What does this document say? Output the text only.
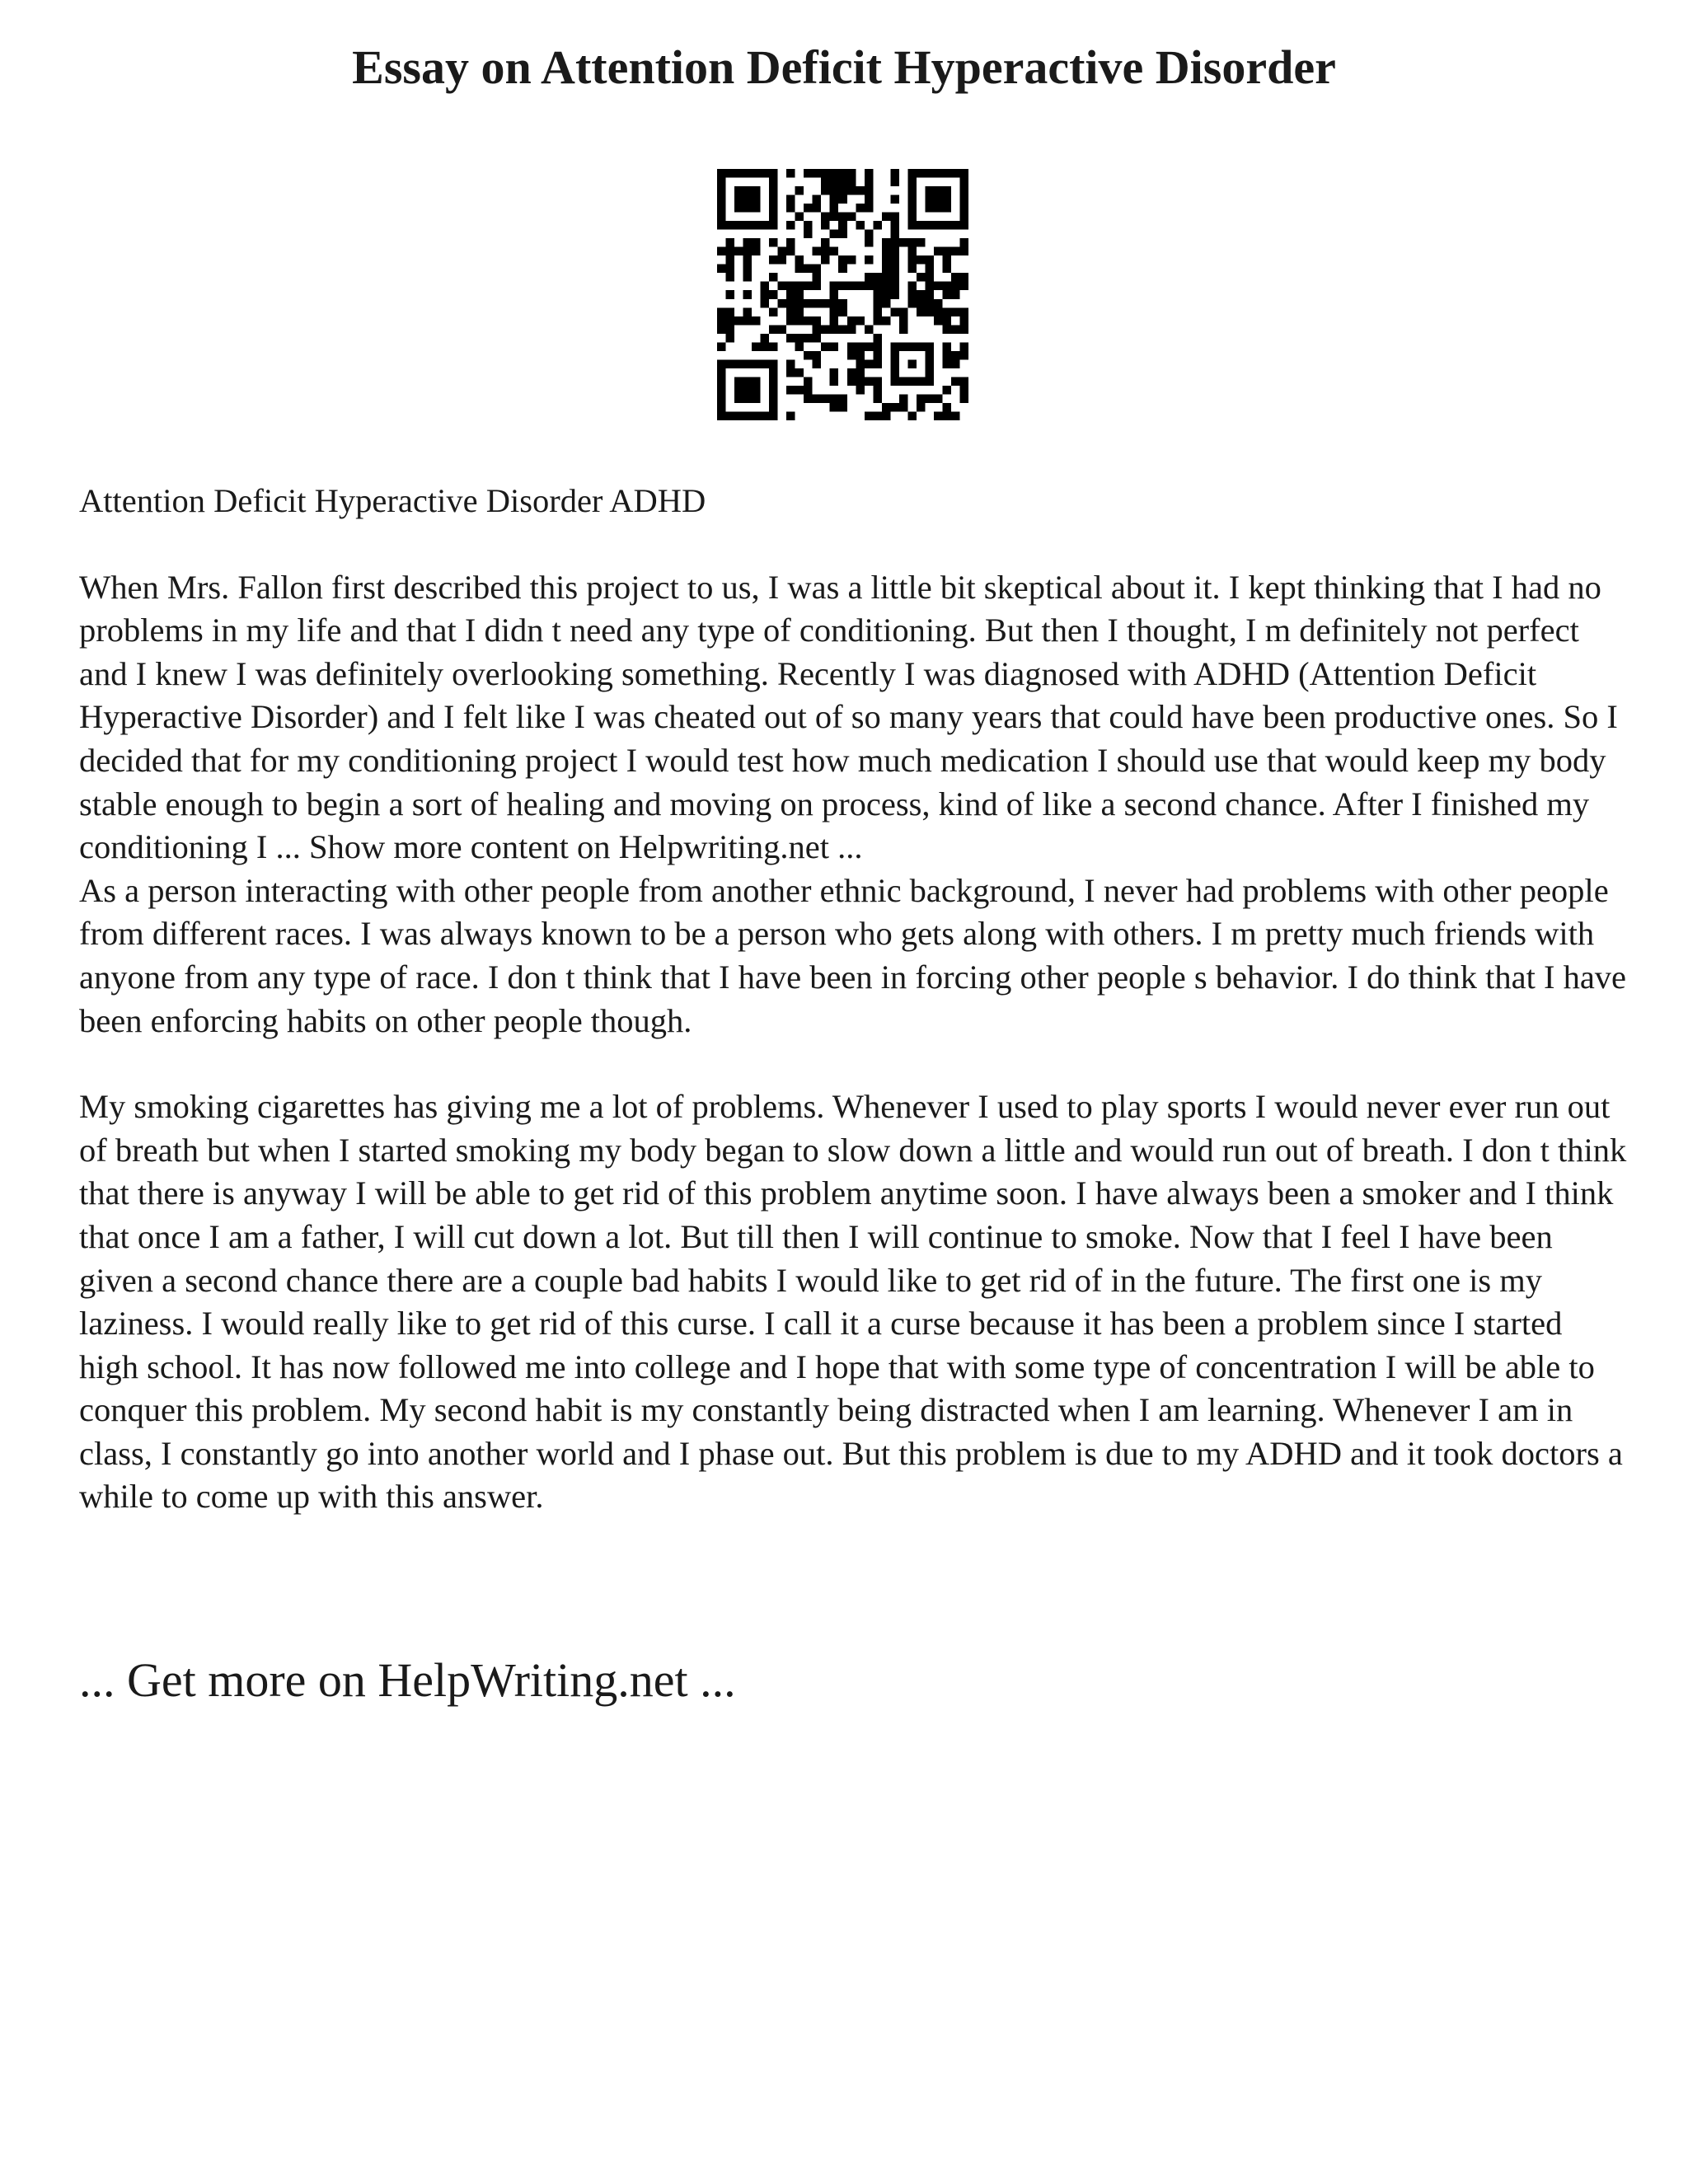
Essay on Attention Deficit Hyperactive Disorder

Attention Deficit Hyperactive Disorder ADHD

When Mrs. Fallon first described this project to us, I was a little bit skeptical about it. I kept thinking that I had no problems in my life and that I didn t need any type of conditioning. But then I thought, I m definitely not perfect and I knew I was definitely overlooking something. Recently I was diagnosed with ADHD (Attention Deficit Hyperactive Disorder) and I felt like I was cheated out of so many years that could have been productive ones. So I decided that for my conditioning project I would test how much medication I should use that would keep my body stable enough to begin a sort of healing and moving on process, kind of like a second chance. After I finished my conditioning I ... Show more content on Helpwriting.net ...

As a person interacting with other people from another ethnic background, I never had problems with other people from different races. I was always known to be a person who gets along with others. I m pretty much friends with anyone from any type of race. I don t think that I have been in forcing other people s behavior. I do think that I have been enforcing habits on other people though.

My smoking cigarettes has giving me a lot of problems. Whenever I used to play sports I would never ever run out of breath but when I started smoking my body began to slow down a little and would run out of breath. I don t think that there is anyway I will be able to get rid of this problem anytime soon. I have always been a smoker and I think that once I am a father, I will cut down a lot. But till then I will continue to smoke. Now that I feel I have been given a second chance there are a couple bad habits I would like to get rid of in the future. The first one is my laziness. I would really like to get rid of this curse. I call it a curse because it has been a problem since I started high school. It has now followed me into college and I hope that with some type of concentration I will be able to conquer this problem. My second habit is my constantly being distracted when I am learning. Whenever I am in class, I constantly go into another world and I phase out. But this problem is due to my ADHD and it took doctors a while to come up with this answer.

... Get more on HelpWriting.net ...
